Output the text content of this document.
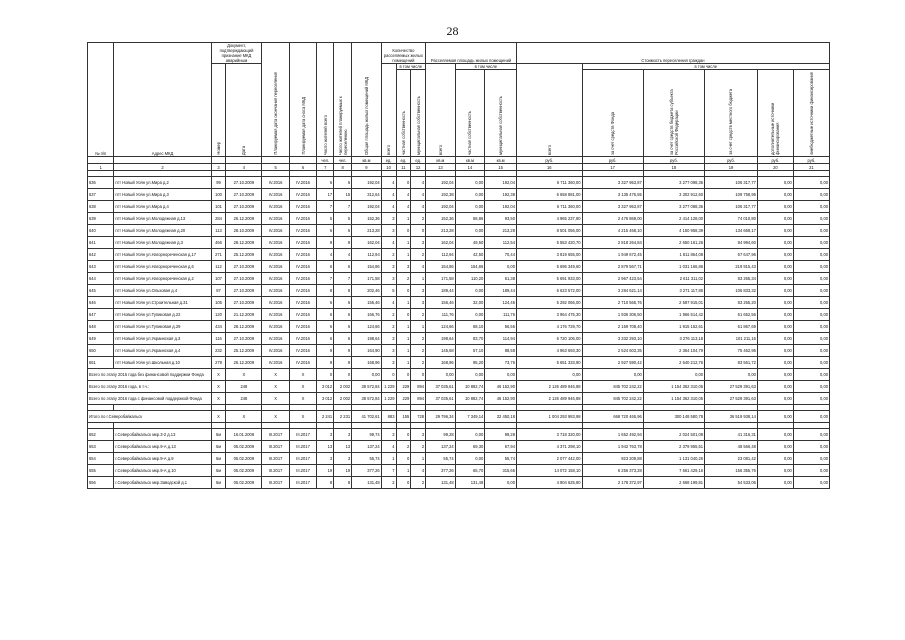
28
№ п/п	Адрес МКД	Документ, подтверждающий признание МКД аварийным		Планируемая дата окончания переселения	Планируемая дата сноса МКД	Число жителей всего	Число жителей планируемых к переселению	Общая площадь жилых помещений МКД	Количество расселяемых жилых помещений			Расселяемая площадь жилых помещений			Стоимость переселения граждан					
		Номер	Дата						всего	в том числе		всего	в том числе		всего	в том числе				
										частная собственность	муниципальная собственность		частная собственность	муниципальная собственность		за счет средств Фонда	за счет средств бюджета субъекта Российской Федерации	за счет средств местного бюджета	дополнительные источники финансирования	внебюджетные источники финансирования
						чел.	чел.	кв.м	ед.	ед.	ед.	кв.м	кв.м	кв.м	руб.	руб.	руб.	руб.	руб.	руб.
1	2	3	4	5	6	7	8	9	10	11	12	13	14	15	16	17	18	19	20	21

636	пгт Новый Уоян ул.Мира д.2	99	27.10.2009	IV.2016	IV.2016	6	6	192,04	4	0	4	192,04	0,00	192,04	6 711 360,00	3 327 953,87	3 277 098,36	106 317,77	0,00	0,00
637	пгт Новый Уоян ул.Мира д.3	100	27.10.2009	IV.2016	IV.2016	17	15	312,64	4	4	4	192,38	0,00	192,38	6 658 881,00	3 135 476,55	3 302 912,60	109 758,95	0,00	0,00
638	пгт Новый Уоян ул.Мира д.4	101	27.10.2009	IV.2016	IV.2016	7	7	192,04	4	4	4	192,04	0,00	192,04	6 711 360,00	3 327 953,87	3 277 088,36	106 317,77	0,00	0,00
639	пгт Новый Уоян ул.Молодежная д.13	284	26.12.2009	IV.2016	IV.2016	5	5	152,36	3	1	2	152,36	58,86	93,50	4 965 237,80	2 476 869,00	2 414 128,00	74 010,80	0,00	0,00
640	пгт Новый Уоян ул.Молодежная д.20	113	28.10.2009	IV.2016	IV.2016	6	6	213,28	3	0	0	213,28	0,00	213,28	8 501 056,00	4 215 468,10	4 150 958,39	134 669,17	0,00	0,00
641	пгт Новый Уоян ул.Молодежная д.3	466	28.12.2009	IV.2016	IV.2016	9	9	162,04	4	1	3	162,04	49,50	112,54	5 553 420,70	2 818 264,84	2 650 161,26	84 994,60	0,00	0,00
642	пгт Новый Уоян ул.Нагорнореченская д.17	271	25.12.2009	IV.2016	IV.2016	4	4	112,94	2	1	2	112,94	42,50	70,44	3 819 655,00	1 949 672,45	1 811 864,08	57 647,96	0,00	0,00
643	пгт Новый Уоян ул.Нагорнореченская д.6	112	27.10.2009	IV.2016	IV.2016	6	6	154,86	3	3	4	154,86	154,86	0,00	5 695 349,60	2 879 567,71	1 031 166,86	219 915,43	0,00	0,00
644	пгт Новый Уоян ул.Нагорнореченская д.2	107	27.10.2009	IV.2016	IV.2016	7	7	171,58	3	2	1	171,58	110,20	61,38	5 691 933,00	2 967 423,54	2 611 311,02	83 265,34	0,00	0,00
645	пгт Новый Уоян ул.Ольховая д.4	87	27.10.2009	IV.2016	IV.2016	8	8	202,46	5	0	3	189,44	0,00	189,44	6 623 572,00	3 284 621,14	3 271 117,86	106 833,32	0,00	0,00
646	пгт Новый Уоян ул.Строительная д.31	105	27.10.2009	IV.2016	IV.2016	6	6	156,46	4	1	3	156,46	32,00	124,46	5 292 066,00	2 710 565,76	2 587 915,01	83 255,20	0,00	0,00
647	пгт Новый Уоян ул.Тупиковая д.22	120	21.12.2009	IV.2016	IV.2016	6	6	166,76	2	0	2	111,76	0,00	111,76	3 964 475,30	1 936 306,50	1 966 514,42	61 652,56	0,00	0,00
648	пгт Новый Уоян ул.Тупиковая д.29	434	28.12.2009	IV.2016	IV.2016	6	6	124,66	2	1	1	124,66	68,10	56,56	4 176 729,70	2 159 708,40	1 915 152,61	61 867,69	0,00	0,00
649	пгт Новый Уоян ул.Украинская д.3	116	27.10.2009	IV.2016	IV.2016	6	6	198,64	3	1	2	198,64	83,70	114,94	6 720 106,00	3 332 293,10	3 276 113,18	101 211,16	0,00	0,00
650	пгт Новый Уоян ул.Украинская д.4	232	25.12.2009	IV.2016	IV.2016	9	9	164,90	3	1	2	145,68	57,10	88,58	4 963 693,30	2 524 603,35	2 364 104,79	75 462,95	0,00	0,00
651	пгт Новый Уоян ул.Школьная д.10	279	26.12.2009	IV.2016	IV.2016	9	9	168,96	3	1	2	168,96	95,20	73,76	5 651 333,90	2 927 590,42	2 640 212,76	83 561,72	0,00	0,00
Всего по этапу 2015 года без финансовой поддержки Фонда		X	X	X	X	0	0	0,00	0	0	0	0,00	0,00	0,00	0,00	0,00	0,00	0,00	0,00	0,00
Всего по этапу 2016 года, в т.ч.:		X	248	X	X	3 012	2 002	38 572,84	1 229	229	894	37 035,61	10 882,74	46 152,90	2 126 489 946,88	845 702 242,22	1 154 362 310,05	27 529 391,63	0,00	0,00
Всего по этапу 2016 года с финансовой поддержкой Фонда		X	248	X	X	3 012	2 002	38 572,84	1 229	229	894	37 035,61	10 882,74	46 152,90	2 126 489 946,88	845 702 242,22	1 154 362 310,05	27 529 391,63	0,00	0,00

Итого по г.Северобайкальск		X	X	X	X	2 241	2 231	41 702,61	883	155	728	29 796,34	7 349,14	32 450,18	1 004 293 983,98	668 720 465,96	300 148 580,78	36 519 938,14	0,00	0,00

652	г.Северобайкальск мкр.3-2 д.13	6м	16.01.2008	III.2017	III.2017	3	3	99,74	3	0	3	99,28	0,00	99,28	3 718 320,00	1 652 492,94	2 024 501,08	41 316,31	0,00	0,00
653	г.Северобайкальск мкр.9-А д.13	6м	05.02.2009	III.2017	III.2017	13	13	137,24	4	2	2	137,24	69,30	67,94	4 371 298,10	1 942 763,78	2 379 955,51	48 566,48	0,00	0,00
654	г.Северобайкальск мкр.9-А д.9	6м	05.02.2009	III.2017	III.2017	3	3	55,74	1	0	1	55,74	0,00	55,74	2 077 442,00	923 209,88	1 131 040,26	23 081,42	0,00	0,00
655	г.Северобайкальск мкр.9-А д.10	6м	05.02.2009	III.2017	III.2017	19	19	377,26	7	1	4	377,26	65,70	315,66	14 072 158,10	6 256 373,28	7 661 429,16	156 355,76	0,00	0,00
656	г.Северобайкальск мкр.Заводской д.1	6м	05.02.2009	III.2017	III.2017	8	8	131,48	2	0	2	131,48	131,48	0,00	4 904 625,80	2 178 372,97	2 668 199,81	54 533,06	0,00	0,00
